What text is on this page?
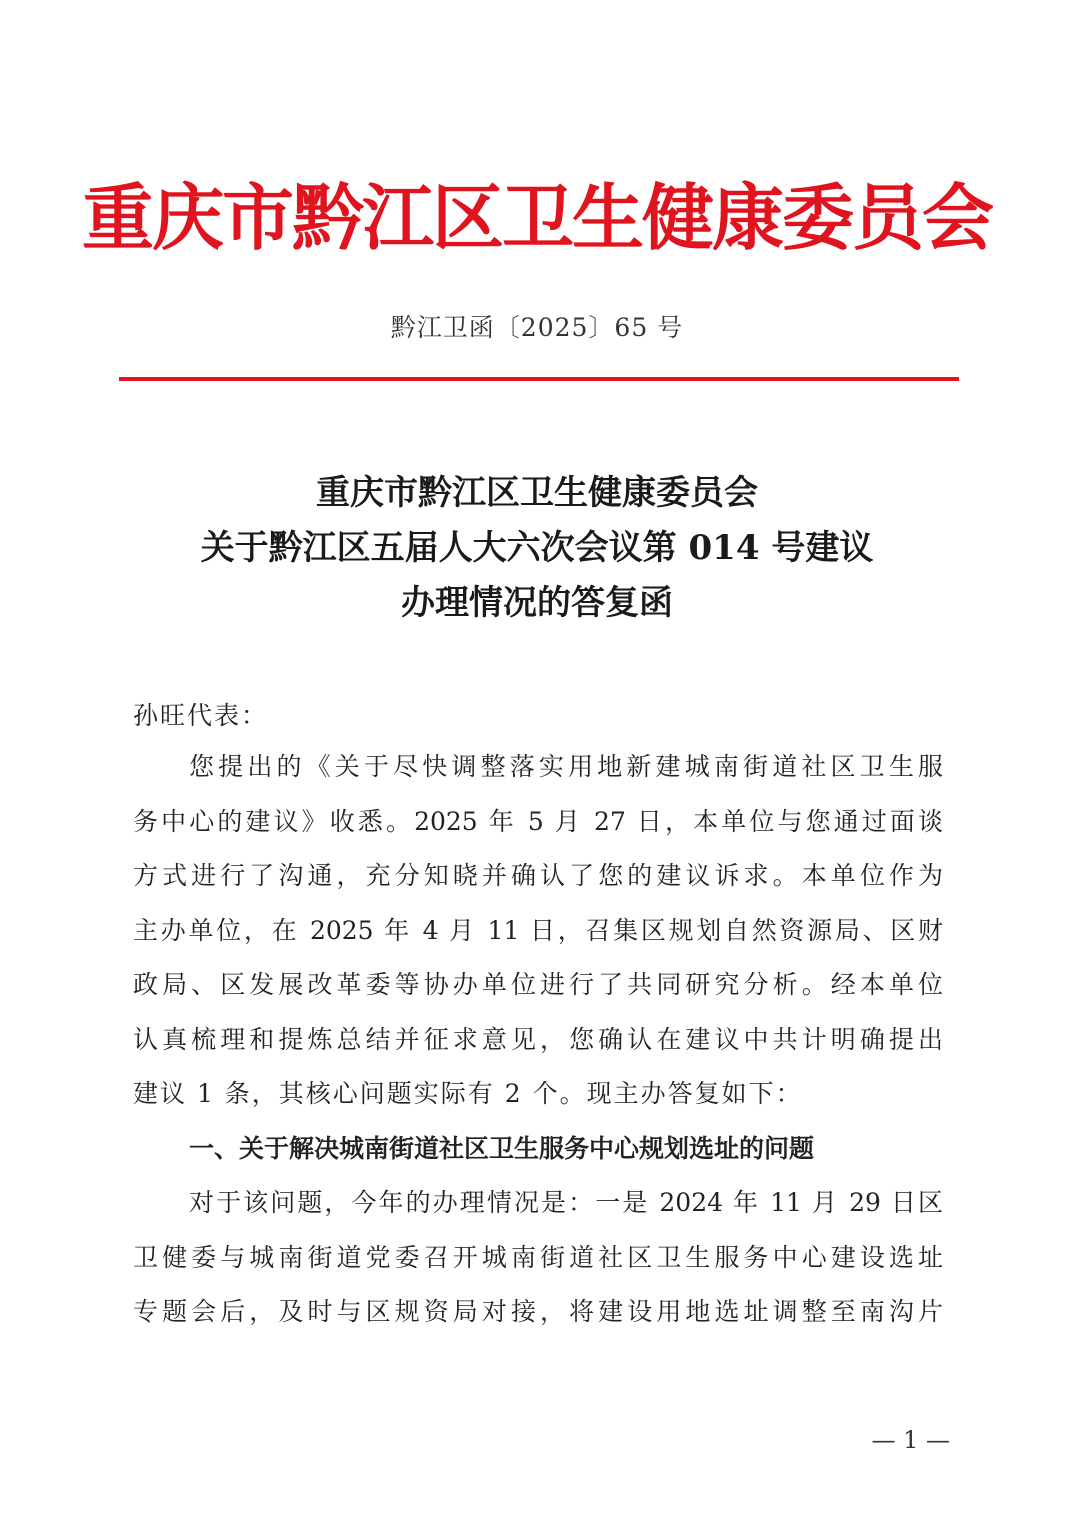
重庆市黔江区卫生健康委员会
黔江卫函〔2025〕65 号
重庆市黔江区卫生健康委员会
关于黔江区五届人大六次会议第 014 号建议
办理情况的答复函
孙旺代表：
您提出的《关于尽快调整落实用地新建城南街道社区卫生服
务中心的建议》收悉。2025 年 5 月 27 日，本单位与您通过面谈
方式进行了沟通，充分知晓并确认了您的建议诉求。本单位作为
主办单位，在 2025 年 4 月 11 日，召集区规划自然资源局、区财
政局、区发展改革委等协办单位进行了共同研究分析。经本单位
认真梳理和提炼总结并征求意见，您确认在建议中共计明确提出
建议 1 条，其核心问题实际有 2 个。现主办答复如下：
一、关于解决城南街道社区卫生服务中心规划选址的问题
对于该问题，今年的办理情况是：一是 2024 年 11 月 29 日区
卫健委与城南街道党委召开城南街道社区卫生服务中心建设选址
专题会后，及时与区规资局对接，将建设用地选址调整至南沟片
— 1 —
